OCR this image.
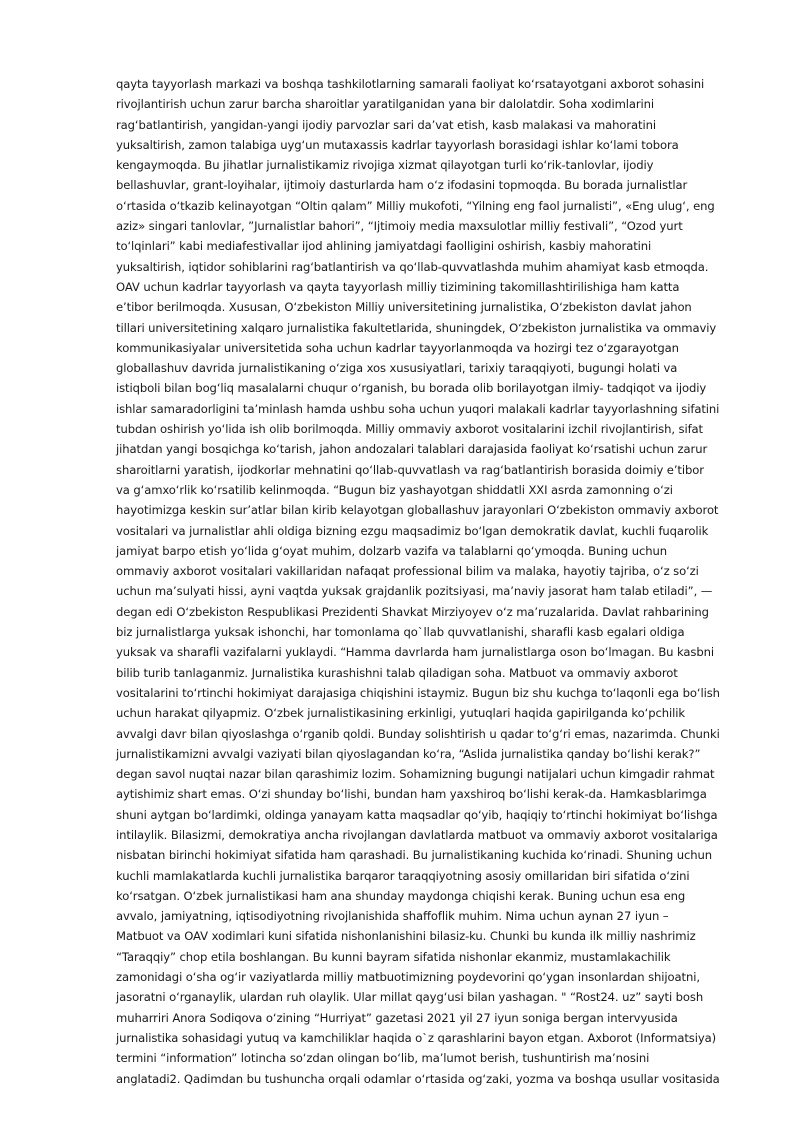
qayta tayyorlash markazi va boshqa tashkilotlarning samarali faoliyat ko‘rsatayotgani axborot sohasini
rivojlantirish uchun zarur barcha sharoitlar yaratilganidan yana bir dalolatdir. Soha xodimlarini
rag‘batlantirish, yangidan-yangi ijodiy parvozlar sari da’vat etish, kasb malakasi va mahoratini
yuksaltirish, zamon talabiga uyg‘un mutaxassis kadrlar tayyorlash borasidagi ishlar ko‘lami tobora
kengaymoqda. Bu jihatlar jurnalistikamiz rivojiga xizmat qilayotgan turli ko‘rik-tanlovlar, ijodiy
bellashuvlar, grant-loyihalar, ijtimoiy dasturlarda ham o‘z ifodasini topmoqda. Bu borada jurnalistlar
o‘rtasida o‘tkazib kelinayotgan “Oltin qalam” Milliy mukofoti, “Yilning eng faol jurnalisti”, «Eng ulug‘, eng
aziz» singari tanlovlar, ”Jurnalistlar bahori”, “Ijtimoiy media maxsulotlar milliy festivali”, “Ozod yurt
to‘lqinlari” kabi mediafestivallar ijod ahlining jamiyatdagi faolligini oshirish, kasbiy mahoratini
yuksaltirish, iqtidor sohiblarini rag‘batlantirish va qo‘llab-quvvatlashda muhim ahamiyat kasb etmoqda.
OAV uchun kadrlar tayyorlash va qayta tayyorlash milliy tizimining takomillashtirilishiga ham katta
e’tibor berilmoqda. Xususan, O‘zbekiston Milliy universitetining jurnalistika, O‘zbekiston davlat jahon
tillari universitetining xalqaro jurnalistika fakultetlarida, shuningdek, O‘zbekiston jurnalistika va ommaviy
kommunikasiyalar universitetida soha uchun kadrlar tayyorlanmoqda va hozirgi tez o‘zgarayotgan
globallashuv davrida jurnalistikaning o‘ziga xos xususiyatlari, tarixiy taraqqiyoti, bugungi holati va
istiqboli bilan bog‘liq masalalarni chuqur o‘rganish, bu borada olib borilayotgan ilmiy- tadqiqot va ijodiy
ishlar samaradorligini ta’minlash hamda ushbu soha uchun yuqori malakali kadrlar tayyorlashning sifatini
tubdan oshirish yo‘lida ish olib borilmoqda. Milliy ommaviy axborot vositalarini izchil rivojlantirish, sifat
jihatdan yangi bosqichga ko‘tarish, jahon andozalari talablari darajasida faoliyat ko‘rsatishi uchun zarur
sharoitlarni yaratish, ijodkorlar mehnatini qo‘llab-quvvatlash va rag‘batlantirish borasida doimiy e’tibor
va g‘amxo‘rlik ko‘rsatilib kelinmoqda. “Bugun biz yashayotgan shiddatli XXI asrda zamonning o‘zi
hayotimizga keskin sur’atlar bilan kirib kelayotgan globallashuv jarayonlari O‘zbekiston ommaviy axborot
vositalari va jurnalistlar ahli oldiga bizning ezgu maqsadimiz bo‘lgan demokratik davlat, kuchli fuqarolik
jamiyat barpo etish yo‘lida g‘oyat muhim, dolzarb vazifa va talablarni qo‘ymoqda. Buning uchun
ommaviy axborot vositalari vakillaridan nafaqat professional bilim va malaka, hayotiy tajriba, o‘z so‘zi
uchun ma’sulyati hissi, ayni vaqtda yuksak grajdanlik pozitsiyasi, ma’naviy jasorat ham talab etiladi”, —
degan edi O‘zbekiston Respublikasi Prezidenti Shavkat Mirziyoyev o‘z ma’ruzalarida. Davlat rahbarining
biz jurnalistlarga yuksak ishonchi, har tomonlama qo`llab quvvatlanishi, sharafli kasb egalari oldiga
yuksak va sharafli vazifalarni yuklaydi. “Hamma davrlarda ham jurnalistlarga oson bo‘lmagan. Bu kasbni
bilib turib tanlaganmiz. Jurnalistika kurashishni talab qiladigan soha. Matbuot va ommaviy axborot
vositalarini to‘rtinchi hokimiyat darajasiga chiqishini istaymiz. Bugun biz shu kuchga to‘laqonli ega bo‘lish
uchun harakat qilyapmiz. O‘zbek jurnalistikasining erkinligi, yutuqlari haqida gapirilganda ko‘pchilik
avvalgi davr bilan qiyoslashga o‘rganib qoldi. Bunday solishtirish u qadar to‘g‘ri emas, nazarimda. Chunki
jurnalistikamizni avvalgi vaziyati bilan qiyoslagandan ko‘ra, “Aslida jurnalistika qanday bo‘lishi kerak?”
degan savol nuqtai nazar bilan qarashimiz lozim. Sohamizning bugungi natijalari uchun kimgadir rahmat
aytishimiz shart emas. O‘zi shunday bo‘lishi, bundan ham yaxshiroq bo‘lishi kerak-da. Hamkasblarimga
shuni aytgan bo‘lardimki, oldinga yanayam katta maqsadlar qo‘yib, haqiqiy to‘rtinchi hokimiyat bo‘lishga
intilaylik. Bilasizmi, demokratiya ancha rivojlangan davlatlarda matbuot va ommaviy axborot vositalariga
nisbatan birinchi hokimiyat sifatida ham qarashadi. Bu jurnalistikaning kuchida ko‘rinadi. Shuning uchun
kuchli mamlakatlarda kuchli jurnalistika barqaror taraqqiyotning asosiy omillaridan biri sifatida o‘zini
ko‘rsatgan. O‘zbek jurnalistikasi ham ana shunday maydonga chiqishi kerak. Buning uchun esa eng
avvalo, jamiyatning, iqtisodiyotning rivojlanishida shaffoflik muhim. Nima uchun aynan 27 iyun –
Matbuot va OAV xodimlari kuni sifatida nishonlanishini bilasiz-ku. Chunki bu kunda ilk milliy nashrimiz
“Taraqqiy” chop etila boshlangan. Bu kunni bayram sifatida nishonlar ekanmiz, mustamlakachilik
zamonidagi o‘sha og‘ir vaziyatlarda milliy matbuotimizning poydevorini qo‘ygan insonlardan shijoatni,
jasoratni o‘rganaylik, ulardan ruh olaylik. Ular millat qayg‘usi bilan yashagan. " “Rost24. uz” sayti bosh
muharriri Anora Sodiqova o‘zining “Hurriyat” gazetasi 2021 yil 27 iyun soniga bergan intervyusida
jurnalistika sohasidagi yutuq va kamchiliklar haqida o`z qarashlarini bayon etgan. Axborot (Informatsiya)
termini “information” lotincha so‘zdan olingan bo‘lib, ma’lumot berish, tushuntirish ma’nosini
anglatadi2. Qadimdan bu tushuncha orqali odamlar o‘rtasida og‘zaki, yozma va boshqa usullar vositasida
